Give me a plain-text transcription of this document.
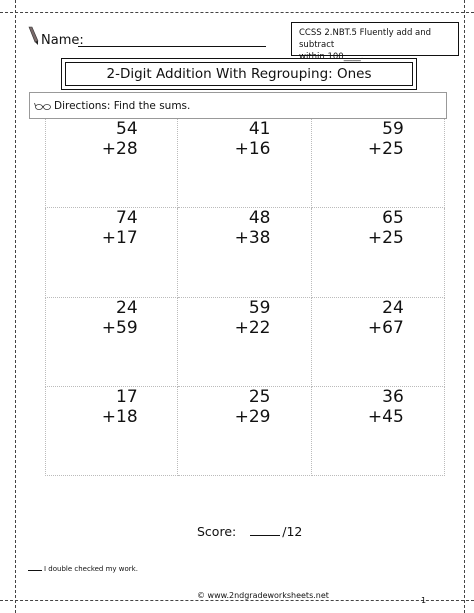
Name:	CCSS 2.NBT.5 Fluently add and subtract
within 100____.
2-Digit Addition With Regrouping: Ones
Directions: Find the sums.
54
+28
41
+16
59
+25
74
+17
48
+38
65
+25
24
+59
59
+22
24
+67
17
+18
25
+29
36
+45
Score:	/12
I double checked my work.
© www.2ndgradeworksheets.net
1
